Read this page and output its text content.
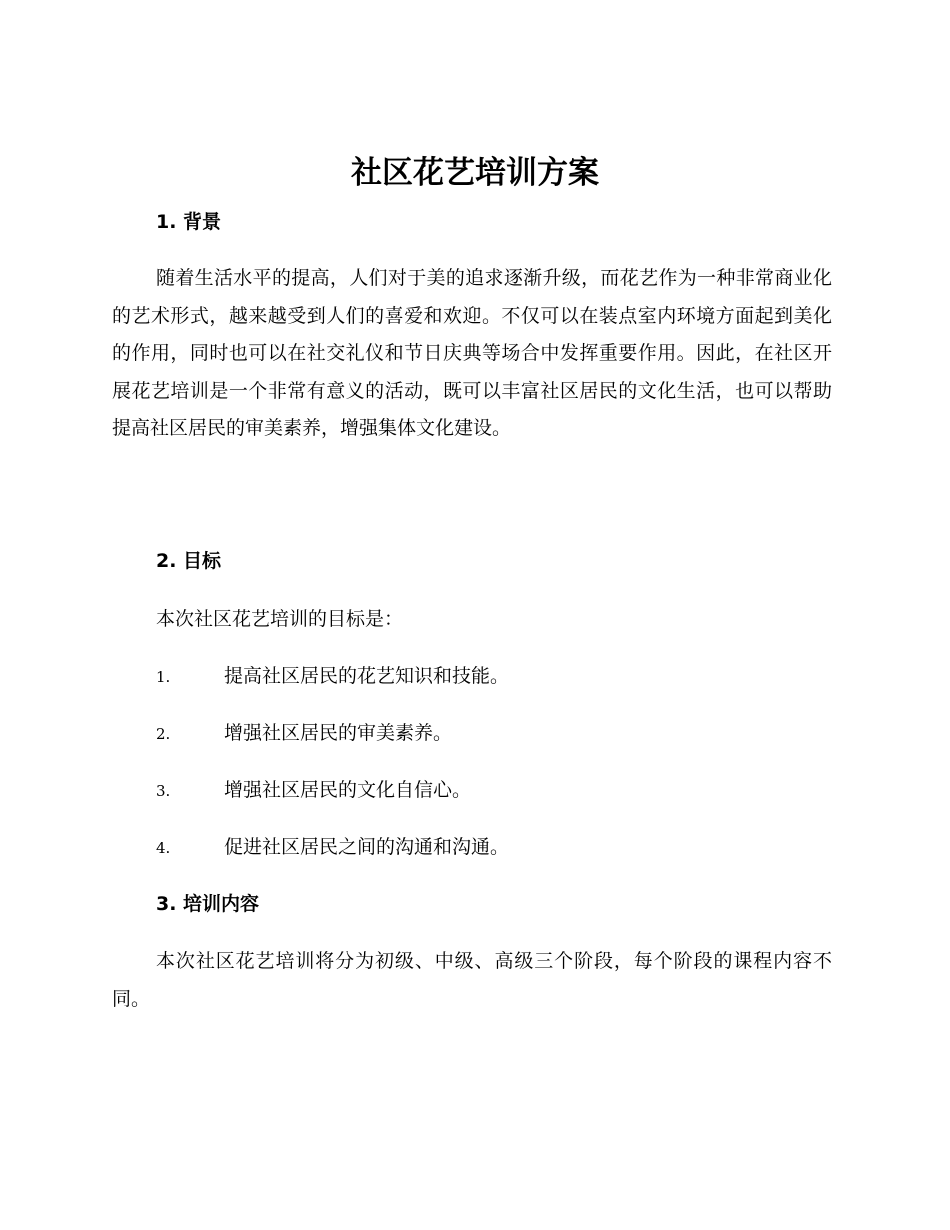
社区花艺培训方案
1. 背景

随着生活水平的提高，人们对于美的追求逐渐升级，而花艺作为一种非常商业化的艺术形式，越来越受到人们的喜爱和欢迎。不仅可以在装点室内环境方面起到美化的作用，同时也可以在社交礼仪和节日庆典等场合中发挥重要作用。因此，在社区开展花艺培训是一个非常有意义的活动，既可以丰富社区居民的文化生活，也可以帮助提高社区居民的审美素养，增强集体文化建设。

2. 目标

本次社区花艺培训的目标是：

1.	提高社区居民的花艺知识和技能。
2.	增强社区居民的审美素养。
3.	增强社区居民的文化自信心。
4.	促进社区居民之间的沟通和沟通。
3. 培训内容

本次社区花艺培训将分为初级、中级、高级三个阶段，每个阶段的课程内容不同。
